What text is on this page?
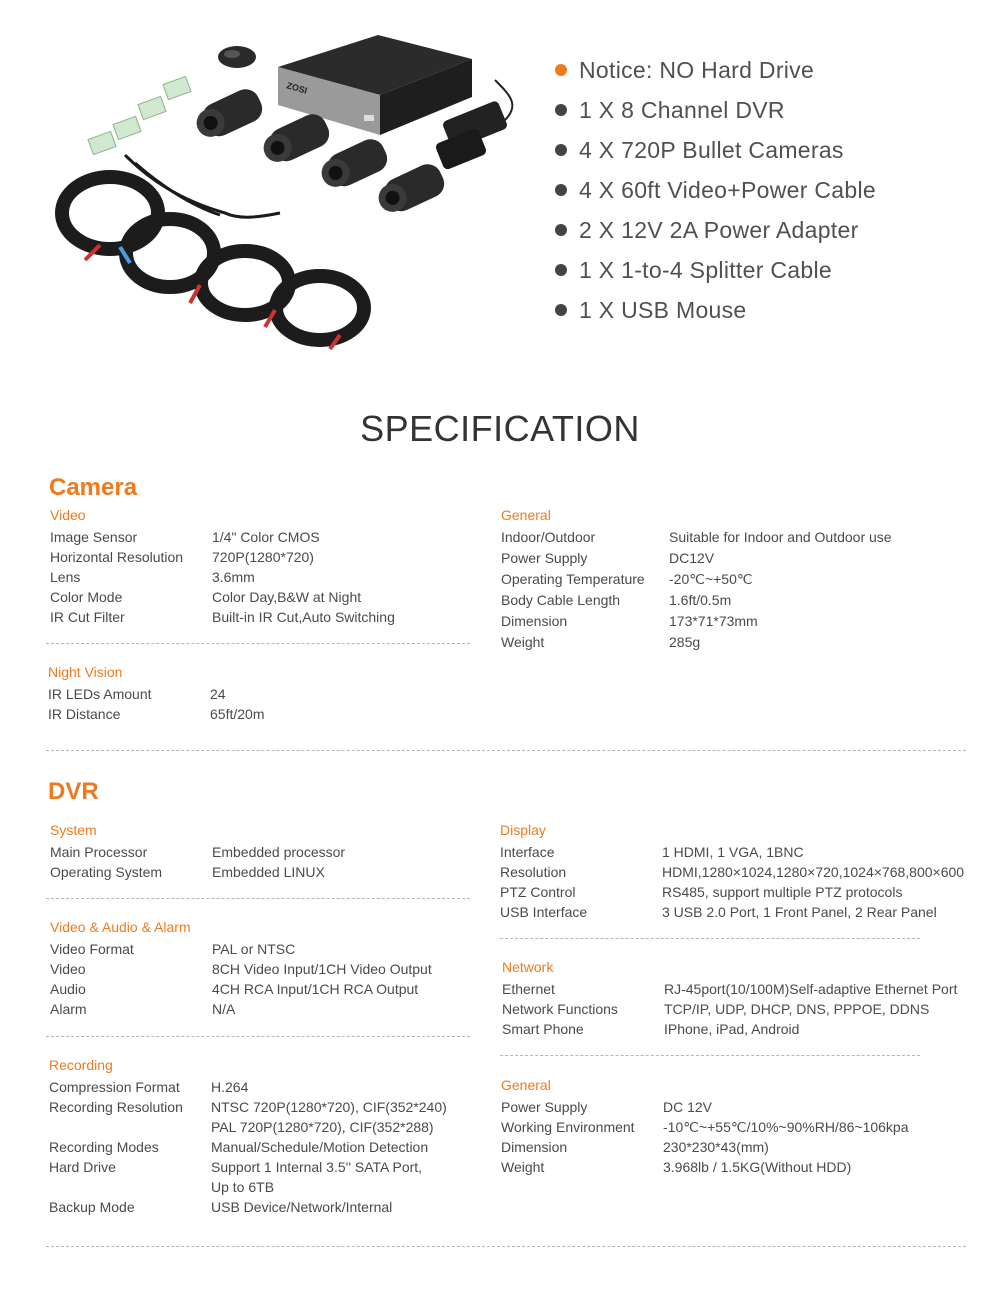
ZOSI
Notice: NO Hard Drive
1 X 8 Channel DVR
4 X 720P Bullet Cameras
4 X 60ft Video+Power Cable
2 X 12V 2A Power Adapter
1 X 1-to-4 Splitter Cable
1 X USB Mouse
SPECIFICATION
Camera
Video
Image Sensor	1/4" Color CMOS
Horizontal Resolution	720P(1280*720)
Lens	3.6mm
Color Mode	Color Day,B&W at Night
IR Cut Filter	Built-in IR Cut,Auto Switching
Night Vision
IR LEDs Amount	24
IR Distance	65ft/20m
General
Indoor/Outdoor	Suitable for Indoor and Outdoor use
Power Supply	DC12V
Operating Temperature	-20℃~+50℃
Body Cable Length	1.6ft/0.5m
Dimension	173*71*73mm
Weight	285g
DVR
System
Main Processor	Embedded processor
Operating System	Embedded LINUX
Video & Audio & Alarm
Video Format	PAL or NTSC
Video	8CH Video Input/1CH Video Output
Audio	4CH RCA Input/1CH RCA Output
Alarm	N/A
Recording
Compression Format	H.264
Recording Resolution	NTSC 720P(1280*720), CIF(352*240)
PAL 720P(1280*720), CIF(352*288)
Recording Modes	Manual/Schedule/Motion Detection
Hard Drive	Support 1 Internal 3.5'' SATA Port,
Up to 6TB
Backup Mode	USB Device/Network/Internal
Display
Interface	1 HDMI, 1 VGA, 1BNC
Resolution	HDMI,1280×1024,1280×720,1024×768,800×600
PTZ Control	RS485, support multiple PTZ protocols
USB Interface	3 USB 2.0 Port, 1 Front Panel, 2 Rear Panel
Network
Ethernet	RJ-45port(10/100M)Self-adaptive Ethernet Port
Network Functions	TCP/IP, UDP, DHCP, DNS, PPPOE, DDNS
Smart Phone	IPhone, iPad, Android
General
Power Supply	DC 12V
Working Environment	-10℃~+55℃/10%~90%RH/86~106kpa
Dimension	230*230*43(mm)
Weight	3.968lb / 1.5KG(Without HDD)
